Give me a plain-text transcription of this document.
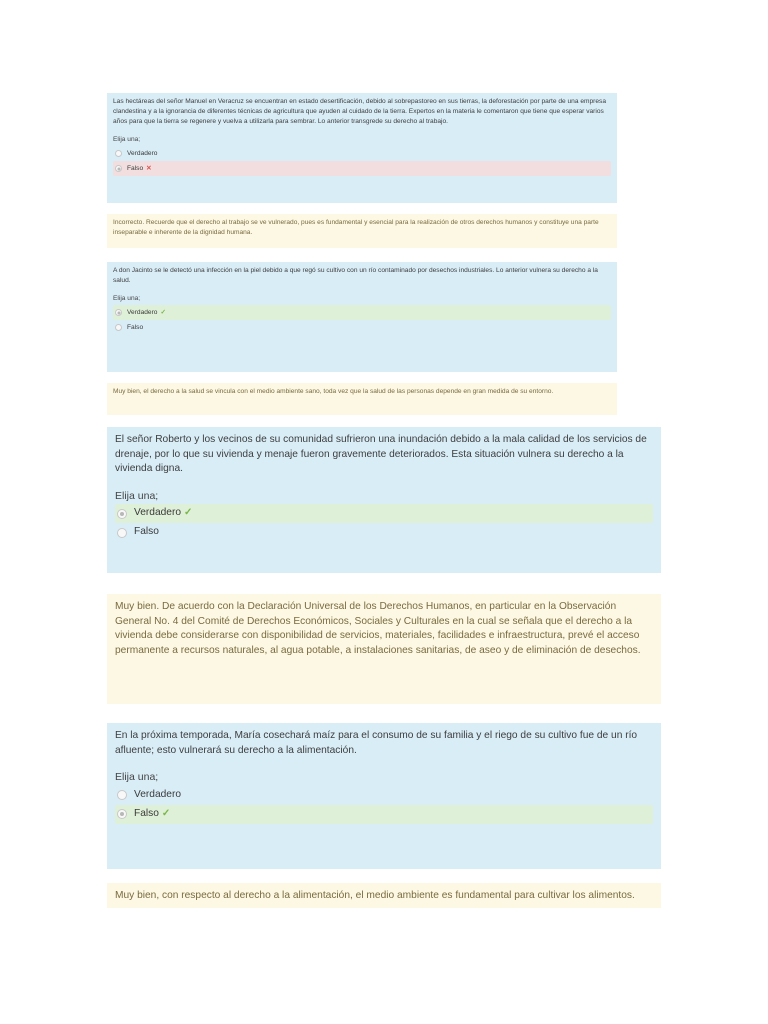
Las hectáreas del señor Manuel en Veracruz se encuentran en estado desertificación, debido al sobrepastoreo en sus tierras, la deforestación por parte de una empresa clandestina y a la ignorancia de diferentes técnicas de agricultura que ayuden al cuidado de la tierra. Expertos en la materia le comentaron que tiene que esperar varios años para que la tierra se regenere y vuelva a utilizarla para sembrar. Lo anterior transgrede su derecho al trabajo.

Elija una;
Verdadero
Falso ✕

Incorrecto. Recuerde que el derecho al trabajo se ve vulnerado, pues es fundamental y esencial para la realización de otros derechos humanos y constituye una parte inseparable e inherente de la dignidad humana.

A don Jacinto se le detectó una infección en la piel debido a que regó su cultivo con un río contaminado por desechos industriales. Lo anterior vulnera su derecho a la salud.

Elija una;
Verdadero ✓
Falso

Muy bien, el derecho a la salud se vincula con el medio ambiente sano, toda vez que la salud de las personas depende en gran medida de su entorno.

El señor Roberto y los vecinos de su comunidad sufrieron una inundación debido a la mala calidad de los servicios de drenaje, por lo que su vivienda y menaje fueron gravemente deteriorados. Esta situación vulnera su derecho a la vivienda digna.

Elija una;
Verdadero ✓
Falso

Muy bien. De acuerdo con la Declaración Universal de los Derechos Humanos, en particular en la Observación General No. 4 del Comité de Derechos Económicos, Sociales y Culturales en la cual se señala que el derecho a la vivienda debe considerarse con disponibilidad de servicios, materiales, facilidades e infraestructura, prevé el acceso permanente a recursos naturales, al agua potable, a instalaciones sanitarias, de aseo y de eliminación de desechos.

En la próxima temporada, María cosechará maíz para el consumo de su familia y el riego de su cultivo fue de un río afluente; esto vulnerará su derecho a la alimentación.

Elija una;
Verdadero
Falso ✓

Muy bien, con respecto al derecho a la alimentación, el medio ambiente es fundamental para cultivar los alimentos.
